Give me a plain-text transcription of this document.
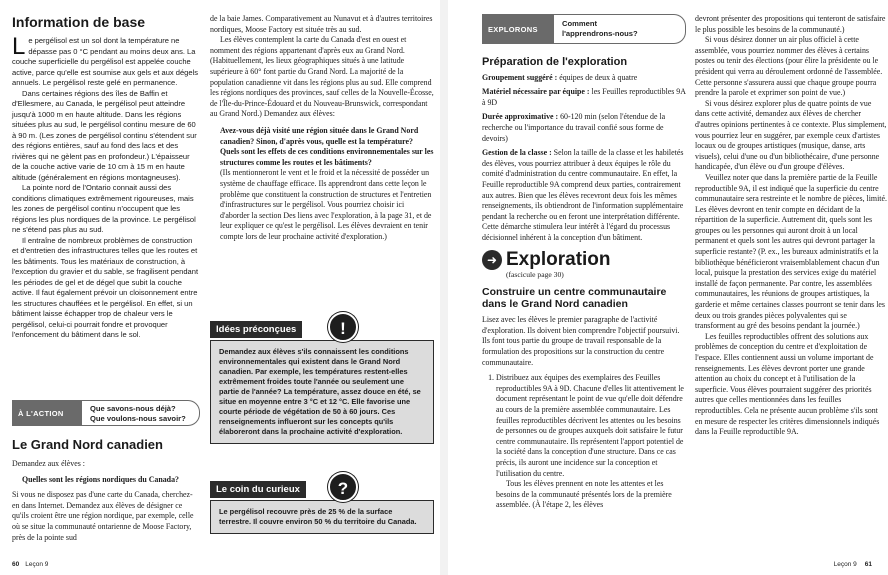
Information de base

Le pergélisol est un sol dont la température ne dépasse pas 0 °C pendant au moins deux ans. La couche superficielle du pergélisol est appelée couche active, parce qu'elle est soumise aux gels et aux dégels annuels. Le pergélisol reste gelé en permanence.

Dans certaines régions des îles de Baffin et d'Ellesmere, au Canada, le pergélisol peut atteindre jusqu'à 1000 m en haute altitude. Dans les régions situées plus au sud, le pergélisol continu mesure de 60 à 90 m. (Les zones de pergélisol continu s'étendent sur des régions entières, sauf au fond des lacs et des rivières qui ne gèlent pas en profondeur.) L'épaisseur de la couche active varie de 10 cm à 15 m en haute altitude (généralement en régions montagneuses).

La pointe nord de l'Ontario connait aussi des conditions climatiques extrêmement rigoureuses, mais les zones de pergélisol continu n'occupent que les régions les plus nordiques de la province. Le pergélisol ne s'étend pas plus au sud.

Il entraîne de nombreux problèmes de construction et d'entretien des infrastructures telles que les routes et les bâtiments. Tous les matériaux de construction, à l'exception du gravier et du sable, se fragilisent pendant les périodes de gel et de dégel que subit la couche active. Il faut également prévoir un cloisonnement entre les structures chauffées et le pergélisol. En effet, si un bâtiment laisse échapper trop de chaleur vers le pergélisol, celui-ci pourrait fondre et provoquer l'enfoncement du bâtiment dans le sol.

À L'ACTION	Que savons-nous déjà?
Que voulons-nous savoir?
Le Grand Nord canadien

Demandez aux élèves :

Quelles sont les régions nordiques du Canada?

Si vous ne disposez pas d'une carte du Canada, cherchez-en dans Internet. Demandez aux élèves de désigner ce qu'ils croient être une région nordique, par exemple, celle où se situe la communauté ontarienne de Moose Factory, près de la pointe sud

de la baie James. Comparativement au Nunavut et à d'autres territoires nordiques, Moose Factory est située très au sud.

Les élèves contemplent la carte du Canada d'est en ouest et nomment des régions appartenant d'après eux au Grand Nord. (Habituellement, les lieux géographiques situés à une latitude supérieure à 60° font partie du Grand Nord. La majorité de la population canadienne vit dans les régions plus au sud. Elle comprend les régions nordiques des provinces, sauf celles de la Nouvelle-Écosse, de l'Île-du-Prince-Édouard et du Nouveau-Brunswick, correspondant au Grand Nord.) Demandez aux élèves:

Avez-vous déjà visité une région située dans le Grand Nord canadien? Sinon, d'après vous, quelle est la température? Quels sont les effets de ces conditions environnementales sur les structures comme les routes et les bâtiments?

(Ils mentionneront le vent et le froid et la nécessité de posséder un système de chauffage efficace. Ils apprendront dans cette leçon le problème que constituent la construction de structures et l'entretien d'infrastructures sur le pergélisol. Vous pourriez choisir ici d'aborder la section Des liens avec l'exploration, à la page 31, et de leur expliquer ce qu'est le pergélisol. Les élèves devraient en tenir compte lors de leur prochaine activité d'exploration.)

Idées préconçues	!
Demandez aux élèves s'ils connaissent les conditions environnementales qui existent dans le Grand Nord canadien. Par exemple, les températures restent-elles extrêmement froides toute l'année ou seulement une partie de l'année? La température, assez douce en été, se situe en moyenne entre 3 °C et 12 °C. Elle favorise une courte période de végétation de 50 à 60 jours. Ces renseignements influeront sur les concepts qu'ils élaboreront dans la prochaine activité d'exploration.
Le coin du curieux	?
Le pergélisol recouvre près de 25 % de la surface terrestre. Il couvre environ 50 % du territoire du Canada.
60 Leçon 9
EXPLORONS
Comment
l'apprendrons-nous?
Préparation de l'exploration

Groupement suggéré : équipes de deux à quatre

Matériel nécessaire par équipe : les Feuilles reproductibles 9A à 9D

Durée approximative : 60-120 min (selon l'étendue de la recherche ou l'importance du travail confié sous forme de devoirs)

Gestion de la classe : Selon la taille de la classe et les habiletés des élèves, vous pourriez attribuer à deux équipes le rôle du comité d'administration du centre communautaire. En effet, la Feuille reproductible 9A comprend deux parties, contrairement aux autres. Bien que les élèves recevront deux fois les mêmes renseignements, ils obtiendront de l'information supplémentaire pendant la recherche ou en feront une interprétation différente. Cette démarche stimulera leur intérêt à l'égard du processus décisionnel inhérent à la conception d'un bâtiment.

➜ Exploration
(fascicule page 30)
Construire un centre communautaire dans le Grand Nord canadien

Lisez avec les élèves le premier paragraphe de l'activité d'exploration. Ils doivent bien comprendre l'objectif poursuivi. Ils font tous partie du groupe de travail responsable de la formulation des propositions sur la construction du centre communautaire.

1. Distribuez aux équipes des exemplaires des Feuilles reproductibles 9A à 9D. Chacune d'elles lit attentivement le document représentant le point de vue qu'elle doit défendre au cours de la première assemblée communautaire. Les feuilles reproductibles décrivent les attentes ou les besoins de personnes ou de groupes auxquels doit satisfaire le futur centre communautaire. Ils représentent l'apport potentiel de la société dans la conception d'une structure. Dans ce cas précis, ils auront une incidence sur la conception et l'utilisation du centre.

Tous les élèves prennent en note les attentes et les besoins de la communauté présentés lors de la première assemblée. (À l'étape 2, les élèves

devront présenter des propositions qui tenteront de satisfaire le plus possible les besoins de la communauté.)

Si vous désirez donner un air plus officiel à cette assemblée, vous pourriez nommer des élèves à certains postes ou tenir des élections (pour élire la présidente ou le président qui verra au déroulement ordonné de l'assemblée. Cette personne s'assurera aussi que chaque groupe pourra prendre la parole et exprimer son point de vue.)

Si vous désirez explorer plus de quatre points de vue dans cette activité, demandez aux élèves de chercher d'autres opinions pertinentes à ce contexte. Plus simplement, vous pourriez leur en suggérer, par exemple ceux d'artistes locaux ou de groupes artistiques (musique, danse, arts visuels), celui d'une ou d'un bibliothécaire, d'une personne handicapée, d'un élève ou d'un groupe d'élèves.

Veuillez noter que dans la première partie de la Feuille reproductible 9A, il est indiqué que la superficie du centre communautaire sera restreinte et le nombre de pièces, limité. Les élèves devront en tenir compte en décidant de la répartition de la superficie. Autrement dit, quels sont les groupes ou les personnes qui auront droit à un local permanent et quels sont les autres qui devront partager la superficie restante? (P. ex., les bureaux administratifs et la bibliothèque bénéficieront vraisemblablement chacun d'un local, puisque la prestation des services exige du matériel installé de façon permanente. Par contre, les assemblées communautaires, les réunions de groupes artistiques, la garderie et même certaines classes pourront se tenir dans les deux ou trois grandes pièces polyvalentes qui se transforment au gré des besoins pendant la journée.)

Les feuilles reproductibles offrent des solutions aux problèmes de conception du centre et d'exploitation de l'espace. Elles contiennent aussi un volume important de renseignements. Les élèves devront porter une grande attention au choix du concept et à l'utilisation de la superficie. Vous élèves pourraient suggérer des priorités autres que celles mentionnées dans les feuilles reproductibles. Cela ne présente aucun problème s'ils sont en mesure de respecter les critères dimensionnels indiqués dans la Feuille reproductible 9A.

Leçon 9 61
